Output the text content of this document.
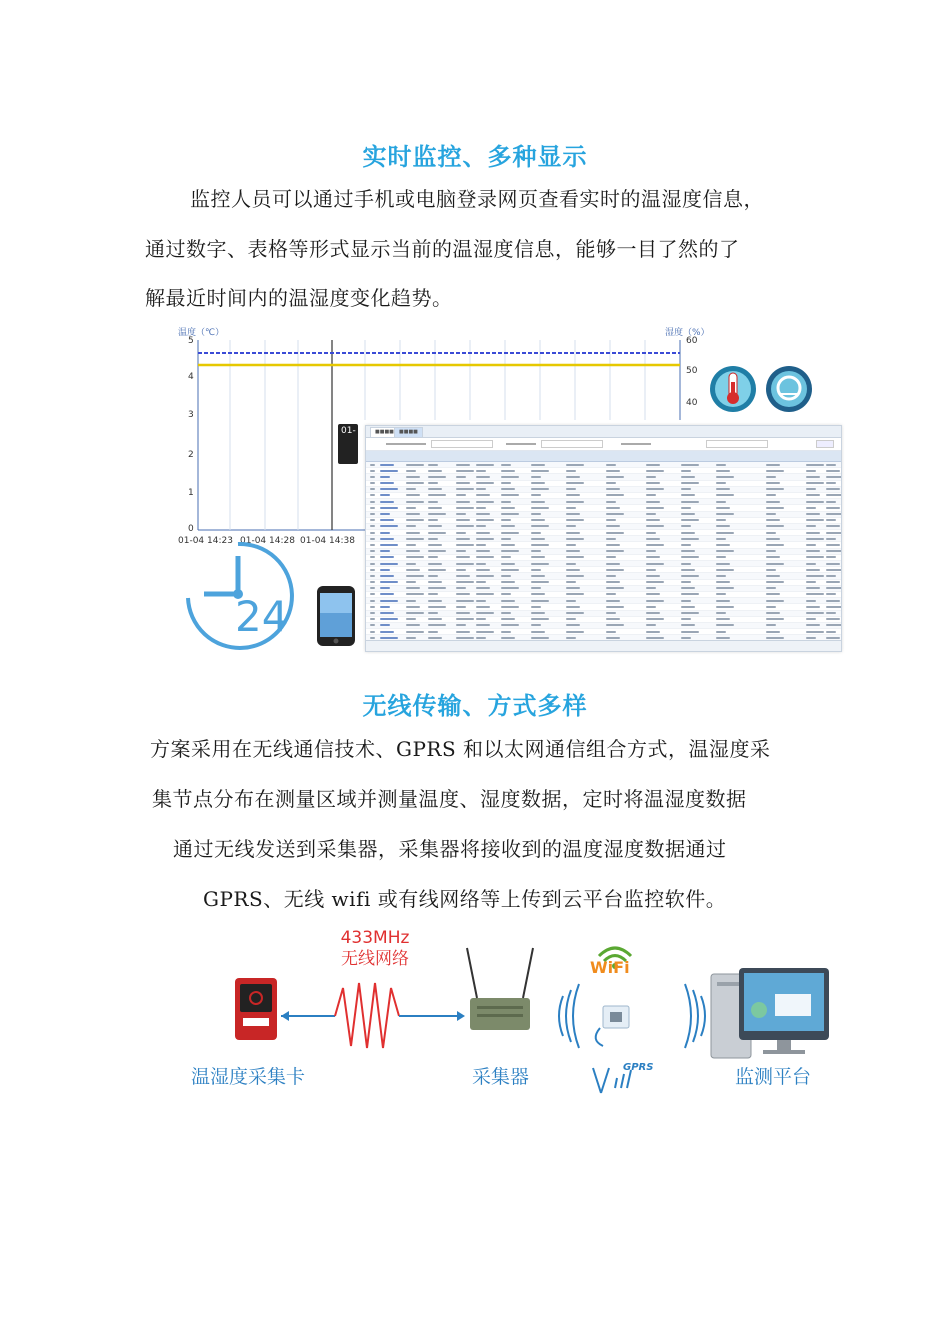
实时监控、多种显示
监控人员可以通过手机或电脑登录网页查看实时的温湿度信息，
通过数字、表格等形式显示当前的温湿度信息，能够一目了然的了
解最近时间内的温湿度变化趋势。
温度（℃）	湿度（%）
5
4
3
2
1
0
60
50
40
01-
01-04 14:23 01-04 14:28 01-04 14:38
■■■■	■■■■
24
无线传输、方式多样
方案采用在无线通信技术、GPRS 和以太网通信组合方式，温湿度采
集节点分布在测量区域并测量温度、湿度数据，定时将温湿度数据
通过无线发送到采集器，采集器将接收到的温度湿度数据通过
GPRS、无线 wifi 或有线网络等上传到云平台监控软件。
433MHz
无线网络	WiFi
GPRS
温湿度采集卡	采集器	监测平台
